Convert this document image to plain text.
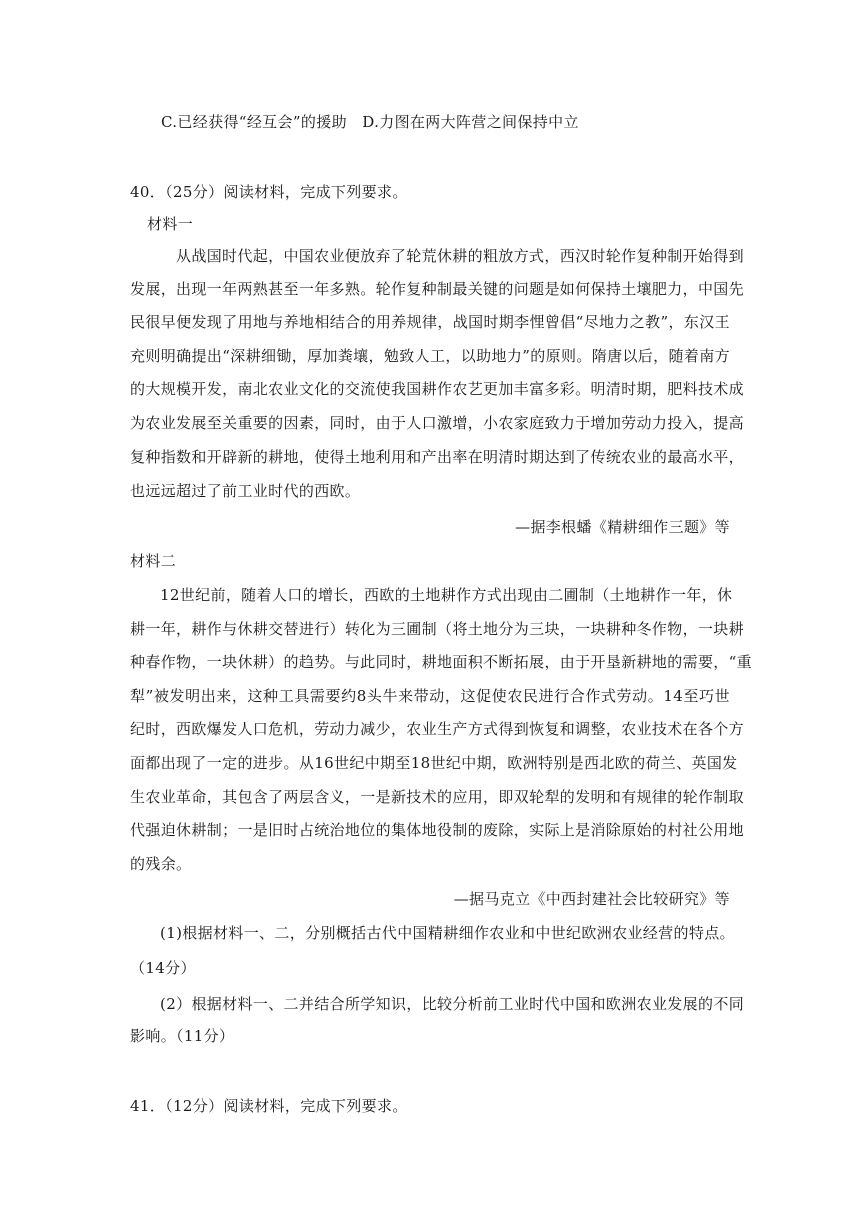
C.已经获得“经互会”的援助　D.力图在两大阵营之间保持中立
40．（25分）阅读材料，完成下列要求。
材料一
从战国时代起，中国农业便放弃了轮荒休耕的粗放方式，西汉时轮作复种制开始得到
发展，出现一年两熟甚至一年多熟。轮作复种制最关键的问题是如何保持土壤肥力，中国先
民很早便发现了用地与养地相结合的用养规律，战国时期李悝曾倡“尽地力之教”，东汉王
充则明确提出“深耕细锄，厚加粪壤，勉致人工，以助地力”的原则。隋唐以后，随着南方
的大规模开发，南北农业文化的交流使我国耕作农艺更加丰富多彩。明清时期，肥料技术成
为农业发展至关重要的因素，同时，由于人口激增，小农家庭致力于增加劳动力投入，提高
复种指数和开辟新的耕地，使得土地利用和产出率在明清时期达到了传统农业的最高水平，
也远远超过了前工业时代的西欧。
—据李根蟠《精耕细作三题》等
材料二
12世纪前，随着人口的增长，西欧的土地耕作方式出现由二圃制（土地耕作一年，休
耕一年，耕作与休耕交替进行）转化为三圃制（将土地分为三块，一块耕种冬作物，一块耕
种春作物，一块休耕）的趋势。与此同时，耕地面积不断拓展，由于开垦新耕地的需要，“重
犁”被发明出来，这种工具需要约8头牛来带动，这促使农民进行合作式劳动。14至巧世
纪时，西欧爆发人口危机，劳动力减少，农业生产方式得到恢复和调整，农业技术在各个方
面都出现了一定的进步。从16世纪中期至18世纪中期，欧洲特别是西北欧的荷兰、英国发
生农业革命，其包含了两层含义，一是新技术的应用，即双轮犁的发明和有规律的轮作制取
代强迫休耕制；一是旧时占统治地位的集体地役制的废除，实际上是消除原始的村社公用地
的残余。
—据马克立《中西封建社会比较研究》等
(1)根据材料一、二，分别概括古代中国精耕细作农业和中世纪欧洲农业经营的特点。
（14分）
(2）根据材料一、二并结合所学知识，比较分析前工业时代中国和欧洲农业发展的不同
影响。（11分）
41．（12分）阅读材料，完成下列要求。
